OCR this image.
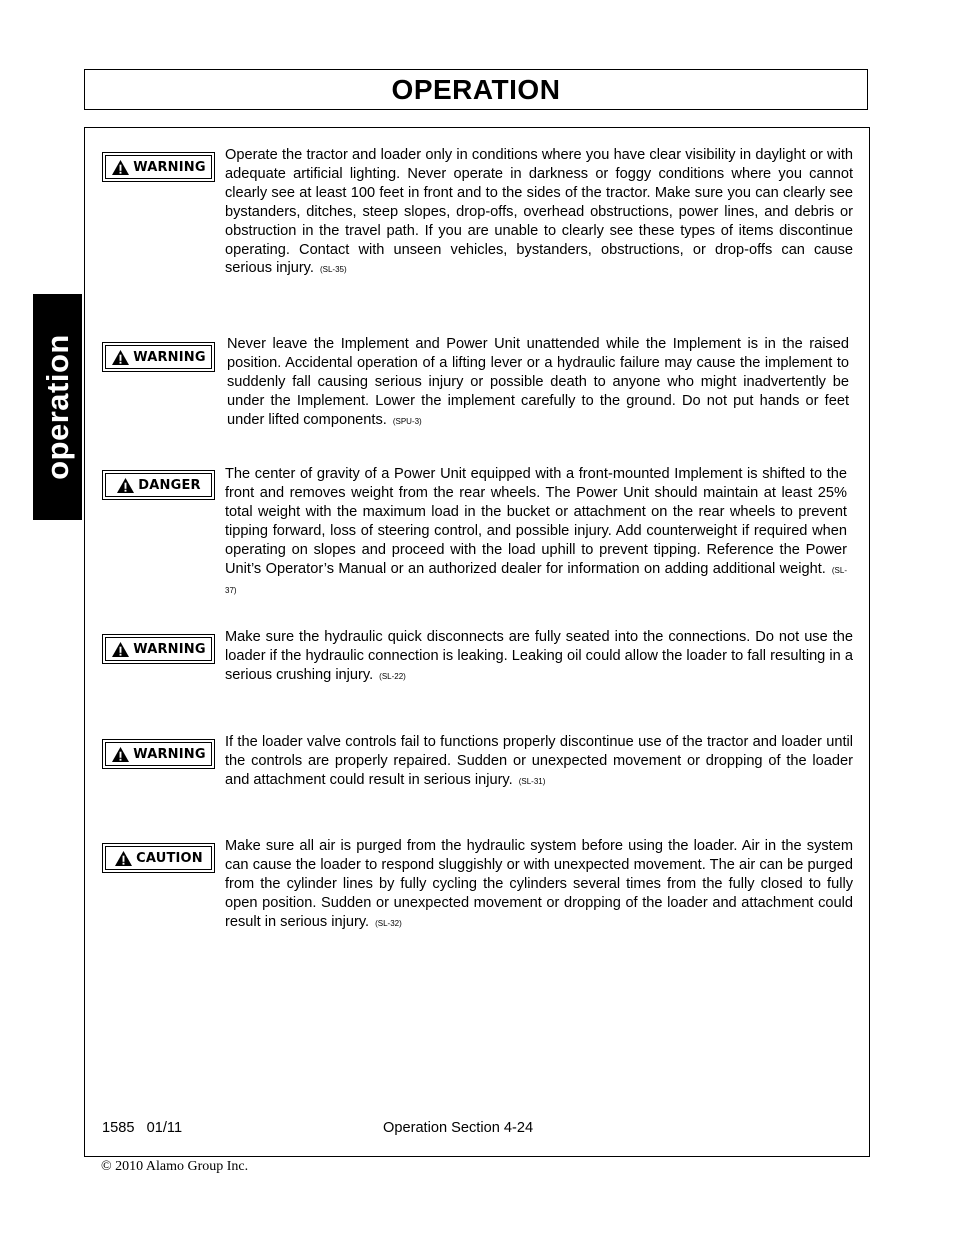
OPERATION
operation
WARNING
Operate the tractor and loader only in conditions where you have clear visibility in daylight or with adequate artificial lighting. Never operate in darkness or foggy conditions where you cannot clearly see at least 100 feet in front and to the sides of the tractor. Make sure you can clearly see bystanders, ditches, steep slopes, drop-offs, overhead obstructions, power lines, and debris or obstruction in the travel path. If you are unable to clearly see these types of items discontinue operating. Contact with unseen vehicles, bystanders, obstructions, or drop-offs can cause serious injury. (SL-35)
WARNING
Never leave the Implement and Power Unit unattended while the Implement is in the raised position. Accidental operation of a lifting lever or a hydraulic failure may cause the implement to suddenly fall causing serious injury or possible death to anyone who might inadvertently be under the Implement. Lower the implement carefully to the ground. Do not put hands or feet under lifted components. (SPU-3)
DANGER
The center of gravity of a Power Unit equipped with a front-mounted Implement is shifted to the front and removes weight from the rear wheels. The Power Unit should maintain at least 25% total weight with the maximum load in the bucket or attachment on the rear wheels to prevent tipping forward, loss of steering control, and possible injury. Add counterweight if required when operating on slopes and proceed with the load uphill to prevent tipping. Reference the Power Unit’s Operator’s Manual or an authorized dealer for information on adding additional weight. (SL-37)
WARNING
Make sure the hydraulic quick disconnects are fully seated into the connections. Do not use the loader if the hydraulic connection is leaking. Leaking oil could allow the loader to fall resulting in a serious crushing injury. (SL-22)
WARNING
If the loader valve controls fail to functions properly discontinue use of the tractor and loader until the controls are properly repaired. Sudden or unexpected movement or dropping of the loader and attachment could result in serious injury. (SL-31)
CAUTION
Make sure all air is purged from the hydraulic system before using the loader. Air in the system can cause the loader to respond sluggishly or with unexpected movement. The air can be purged from the cylinder lines by fully cycling the cylinders several times from the fully closed to fully open position. Sudden or unexpected movement or dropping of the loader and attachment could result in serious injury. (SL-32)
1585   01/11	Operation Section 4-24
© 2010 Alamo Group Inc.
